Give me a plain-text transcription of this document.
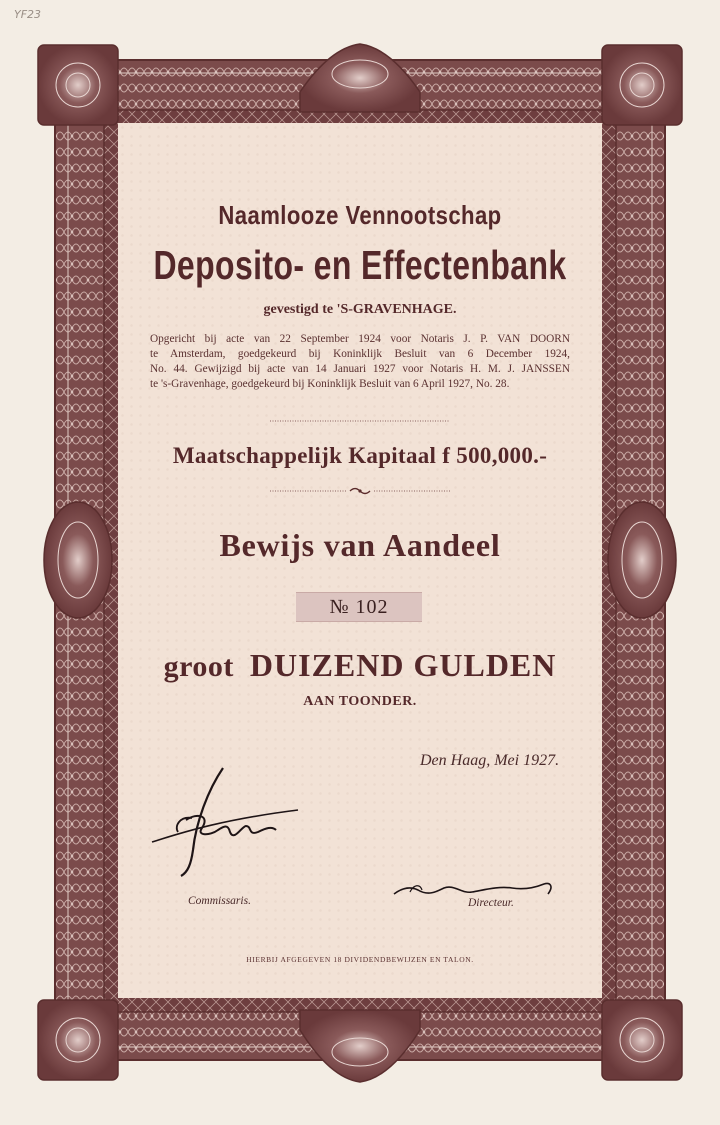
YF23
Naamlooze Vennootschap
Deposito- en Effectenbank
gevestigd te 'S-GRAVENHAGE.
Opgericht bij acte van 22 September 1924 voor Notaris J. P. VAN DOORN
te Amsterdam, goedgekeurd bij Koninklijk Besluit van 6 December 1924,
No. 44. Gewijzigd bij acte van 14 Januari 1927 voor Notaris H. M. J. JANSSEN
te 's-Gravenhage, goedgekeurd bij Koninklijk Besluit van 6 April 1927, No. 28.
Maatschappelijk Kapitaal f 500,000.-
Bewijs van Aandeel
№ 102
groot DUIZEND GULDEN
AAN TOONDER.
Den Haag, Mei 1927.
Commissaris.	Directeur.
HIERBIJ AFGEGEVEN 18 DIVIDENDBEWIJZEN EN TALON.
